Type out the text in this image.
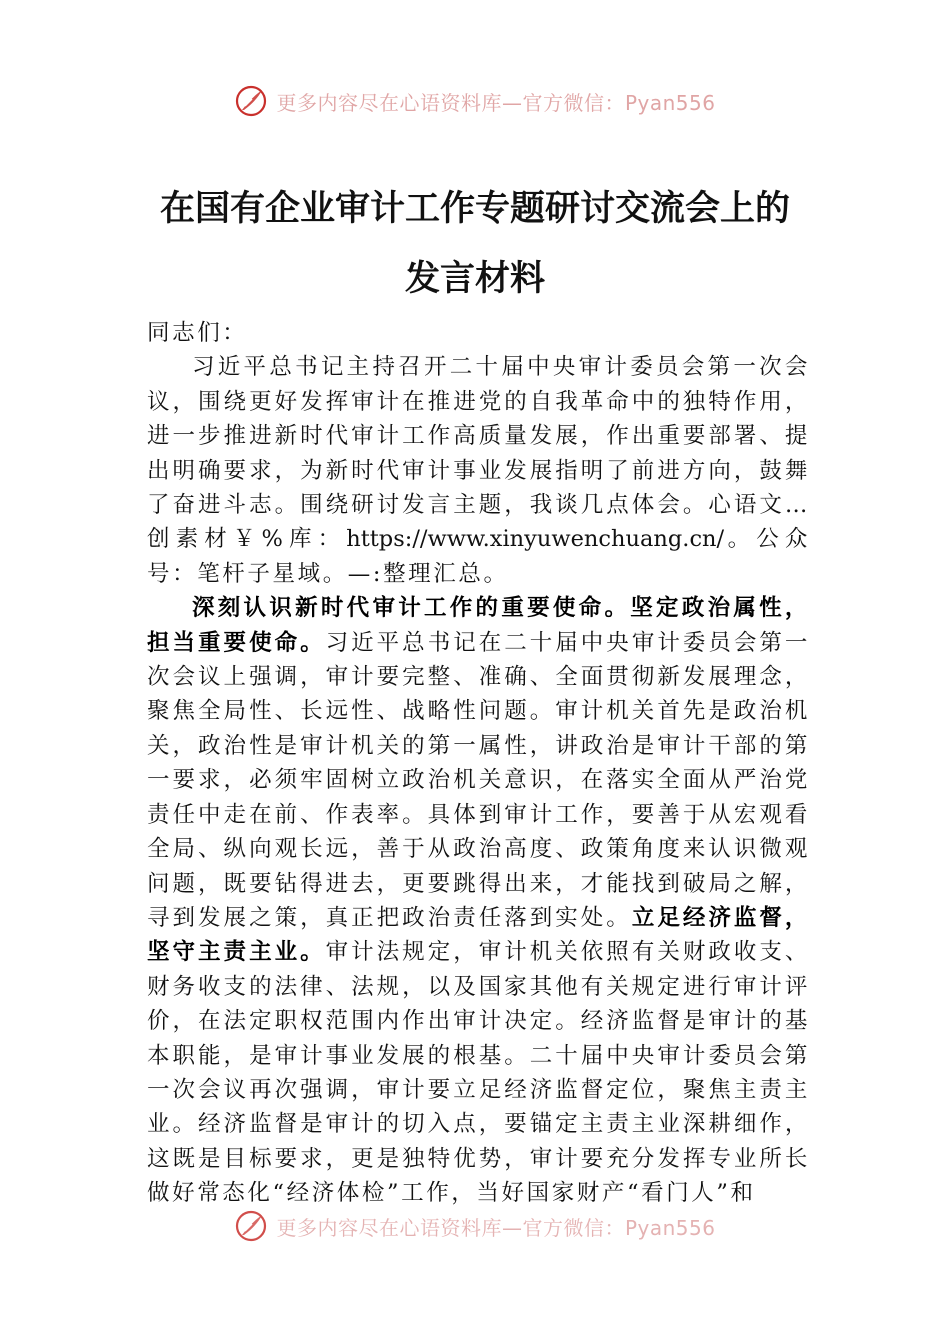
更多内容尽在心语资料库—官方微信：Pyan556
在国有企业审计工作专题研讨交流会上的
发言材料

同志们：

习近平总书记主持召开二十届中央审计委员会第一次会议，围绕更好发挥审计在推进党的自我革命中的独特作用，进一步推进新时代审计工作高质量发展，作出重要部署、提出明确要求，为新时代审计事业发展指明了前进方向，鼓舞了奋进斗志。围绕研讨发言主题，我谈几点体会。心语文…创素材￥%库：https://www.xinyuwenchuang.cn/。公众号：笔杆子星域。—:整理汇总。

深刻认识新时代审计工作的重要使命。坚定政治属性，担当重要使命。习近平总书记在二十届中央审计委员会第一次会议上强调，审计要完整、准确、全面贯彻新发展理念，聚焦全局性、长远性、战略性问题。审计机关首先是政治机关，政治性是审计机关的第一属性，讲政治是审计干部的第一要求，必须牢固树立政治机关意识，在落实全面从严治党责任中走在前、作表率。具体到审计工作，要善于从宏观看全局、纵向观长远，善于从政治高度、政策角度来认识微观问题，既要钻得进去，更要跳得出来，才能找到破局之解，寻到发展之策，真正把政治责任落到实处。立足经济监督，坚守主责主业。审计法规定，审计机关依照有关财政收支、财务收支的法律、法规，以及国家其他有关规定进行审计评价，在法定职权范围内作出审计决定。经济监督是审计的基本职能，是审计事业发展的根基。二十届中央审计委员会第一次会议再次强调，审计要立足经济监督定位，聚焦主责主业。经济监督是审计的切入点，要锚定主责主业深耕细作，这既是目标要求，更是独特优势，审计要充分发挥专业所长做好常态化“经济体检”工作，当好国家财产“看门人”和

更多内容尽在心语资料库—官方微信：Pyan556
